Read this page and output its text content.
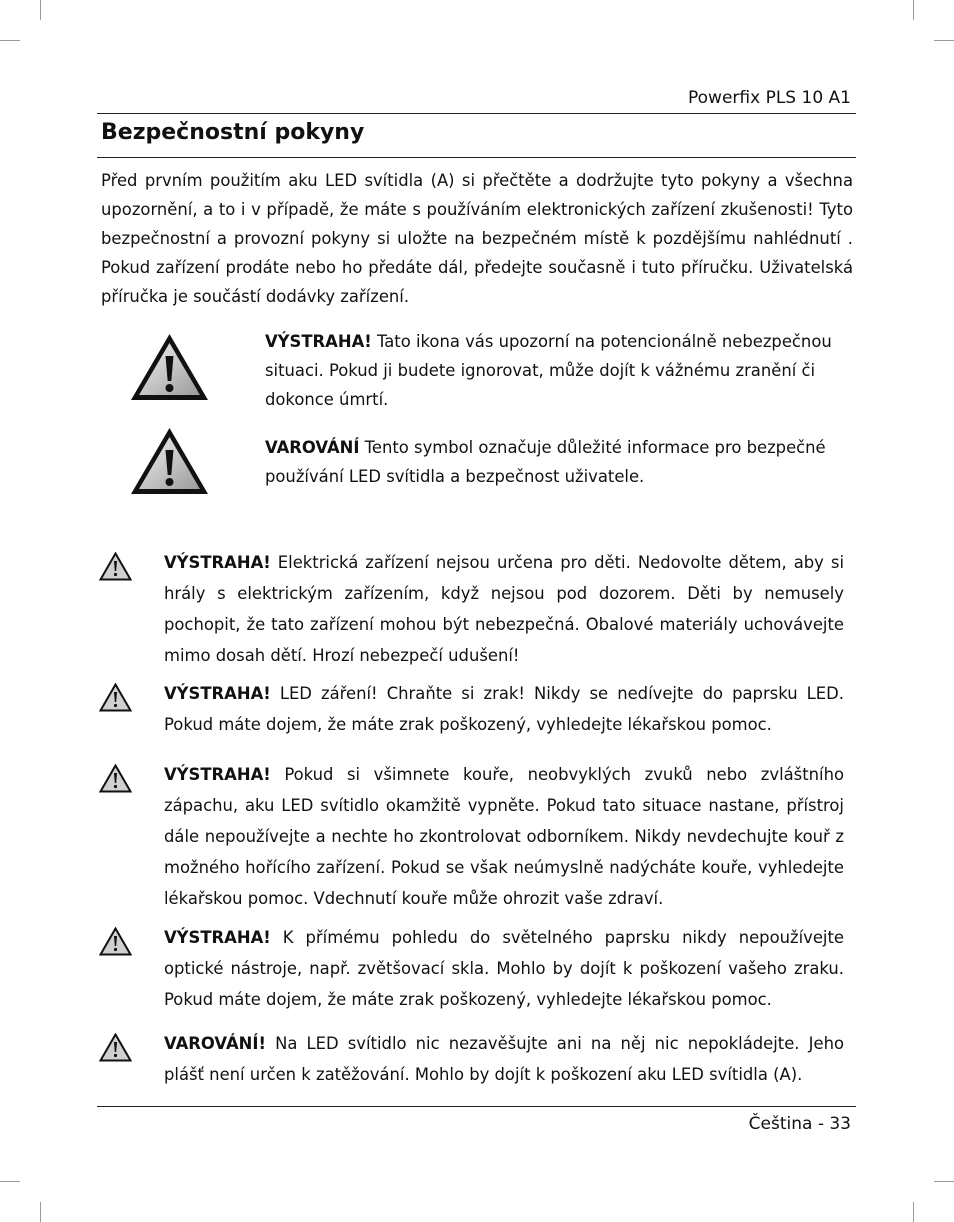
Powerfix PLS 10 A1
Bezpečnostní pokyny

Před prvním použitím aku LED svítidla (A) si přečtěte a dodržujte tyto pokyny a všechna upozornění, a to i v případě, že máte s používáním elektronických zařízení zkušenosti! Tyto bezpečnostní a provozní pokyny si uložte na bezpečném místě k pozdějšímu nahlédnutí . Pokud zařízení prodáte nebo ho předáte dál, předejte současně i tuto příručku. Uživatelská příručka je součástí dodávky zařízení.

VÝSTRAHA! Tato ikona vás upozorní na potencionálně nebezpečnou situaci. Pokud ji budete ignorovat, může dojít k vážnému zranění či dokonce úmrtí.

VAROVÁNÍ Tento symbol označuje důležité informace pro bezpečné používání LED svítidla a bezpečnost uživatele.

VÝSTRAHA! Elektrická zařízení nejsou určena pro děti. Nedovolte dětem, aby si hrály s elektrickým zařízením, když nejsou pod dozorem. Děti by nemusely pochopit, že tato zařízení mohou být nebezpečná. Obalové materiály uchovávejte mimo dosah dětí. Hrozí nebezpečí udušení!

VÝSTRAHA! LED záření! Chraňte si zrak! Nikdy se nedívejte do paprsku LED. Pokud máte dojem, že máte zrak poškozený, vyhledejte lékařskou pomoc.

VÝSTRAHA! Pokud si všimnete kouře, neobvyklých zvuků nebo zvláštního zápachu, aku LED svítidlo okamžitě vypněte. Pokud tato situace nastane, přístroj dále nepoužívejte a nechte ho zkontrolovat odborníkem. Nikdy nevdechujte kouř z možného hořícího zařízení. Pokud se však neúmyslně nadýcháte kouře, vyhledejte lékařskou pomoc. Vdechnutí kouře může ohrozit vaše zdraví.

VÝSTRAHA! K přímému pohledu do světelného paprsku nikdy nepoužívejte optické nástroje, např. zvětšovací skla. Mohlo by dojít k poškození vašeho zraku. Pokud máte dojem, že máte zrak poškozený, vyhledejte lékařskou pomoc.

VAROVÁNÍ! Na LED svítidlo nic nezavěšujte ani na něj nic nepokládejte. Jeho plášť není určen k zatěžování. Mohlo by dojít k poškození aku LED svítidla (A).

Čeština - 33
